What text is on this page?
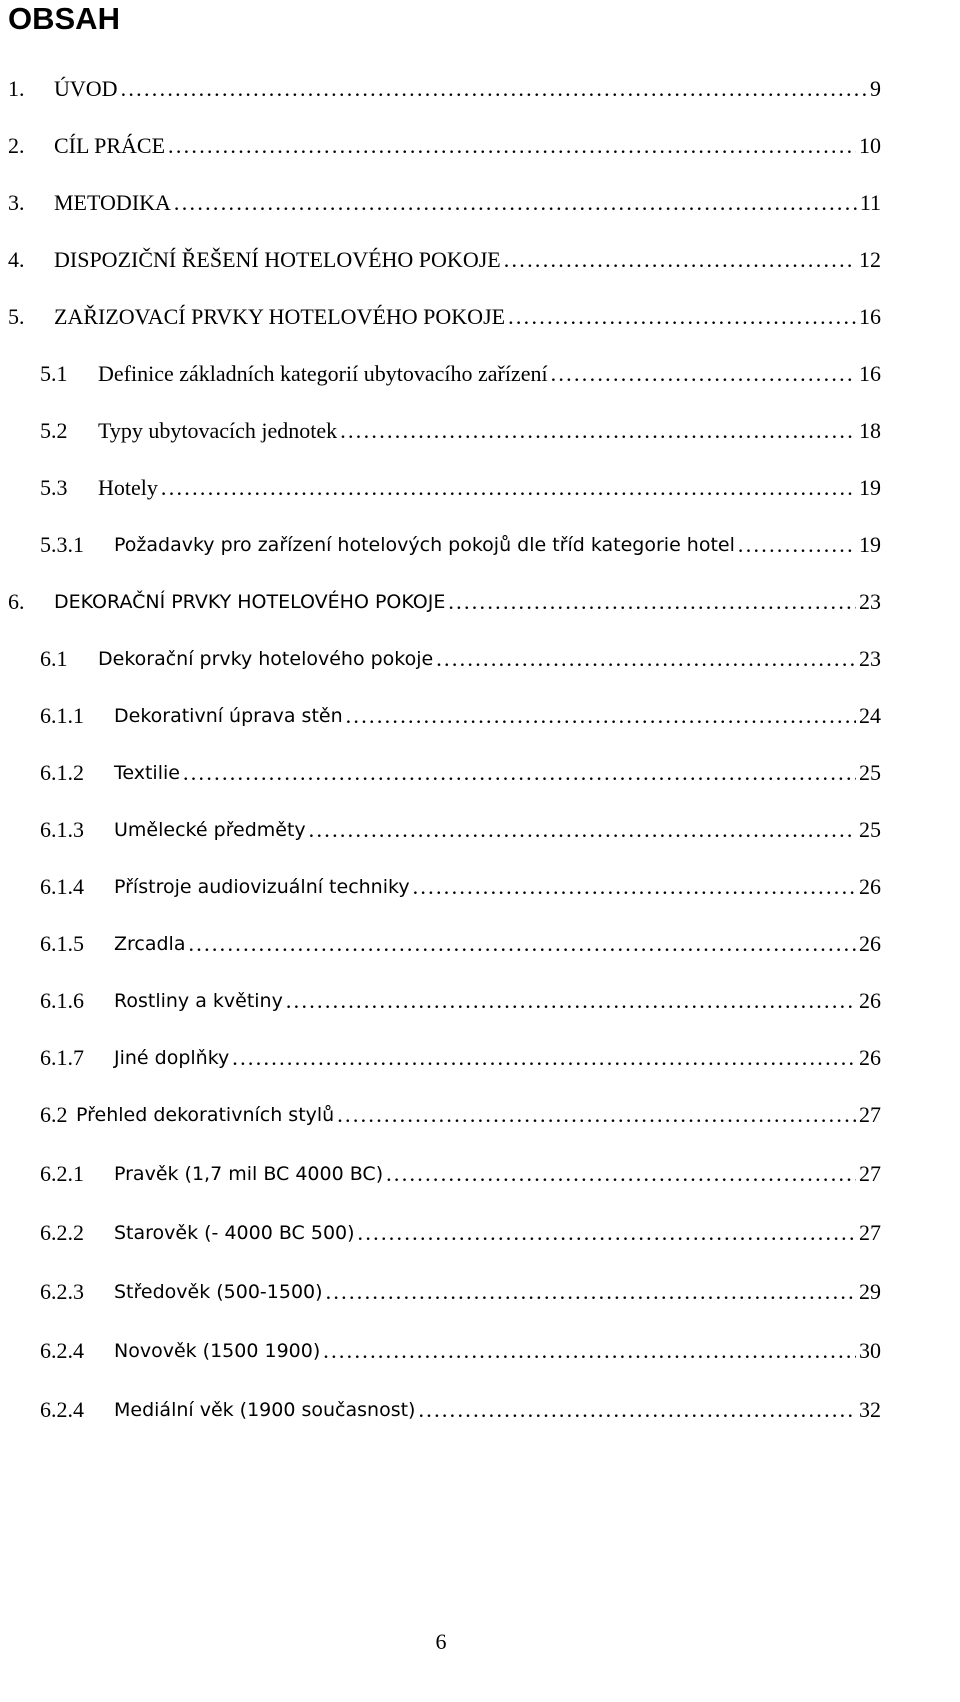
OBSAH
1.	ÚVOD . . .	9
2.	CÍL PRÁCE . . .	10
3.	METODIKA . . .	11
4.	DISPOZIČNÍ ŘEŠENÍ HOTELOVÉHO POKOJE . . .	12
5.	ZAŘIZOVACÍ PRVKY HOTELOVÉHO POKOJE . . .	16
5.1	Definice základních kategorií ubytovacího zařízení . . .	16
5.2	Typy ubytovacích jednotek . . .	18
5.3	Hotely . . .	19
5.3.1	Požadavky pro zařízení hotelových pokojů dle tříd kategorie hotel . . .	19
6.	DEKORAČNÍ PRVKY HOTELOVÉHO POKOJE . . .	23
6.1	Dekorační prvky hotelového pokoje . . .	23
6.1.1	Dekorativní úprava stěn . . .	24
6.1.2	Textilie . . .	25
6.1.3	Umělecké předměty . . .	25
6.1.4	Přístroje audiovizuální techniky . . .	26
6.1.5	Zrcadla . . .	26
6.1.6	Rostliny a květiny . . .	26
6.1.7	Jiné doplňky . . .	26
6.2 Přehled dekorativních stylů . . .	27
6.2.1	Pravěk (1,7 mil BC 4000 BC) . . .	27
6.2.2	Starověk (- 4000 BC 500) . . .	27
6.2.3	Středověk (500-1500) . . .	29
6.2.4	Novověk (1500 1900) . . .	30
6.2.4	Mediální věk (1900 současnost) . . .	32
6
